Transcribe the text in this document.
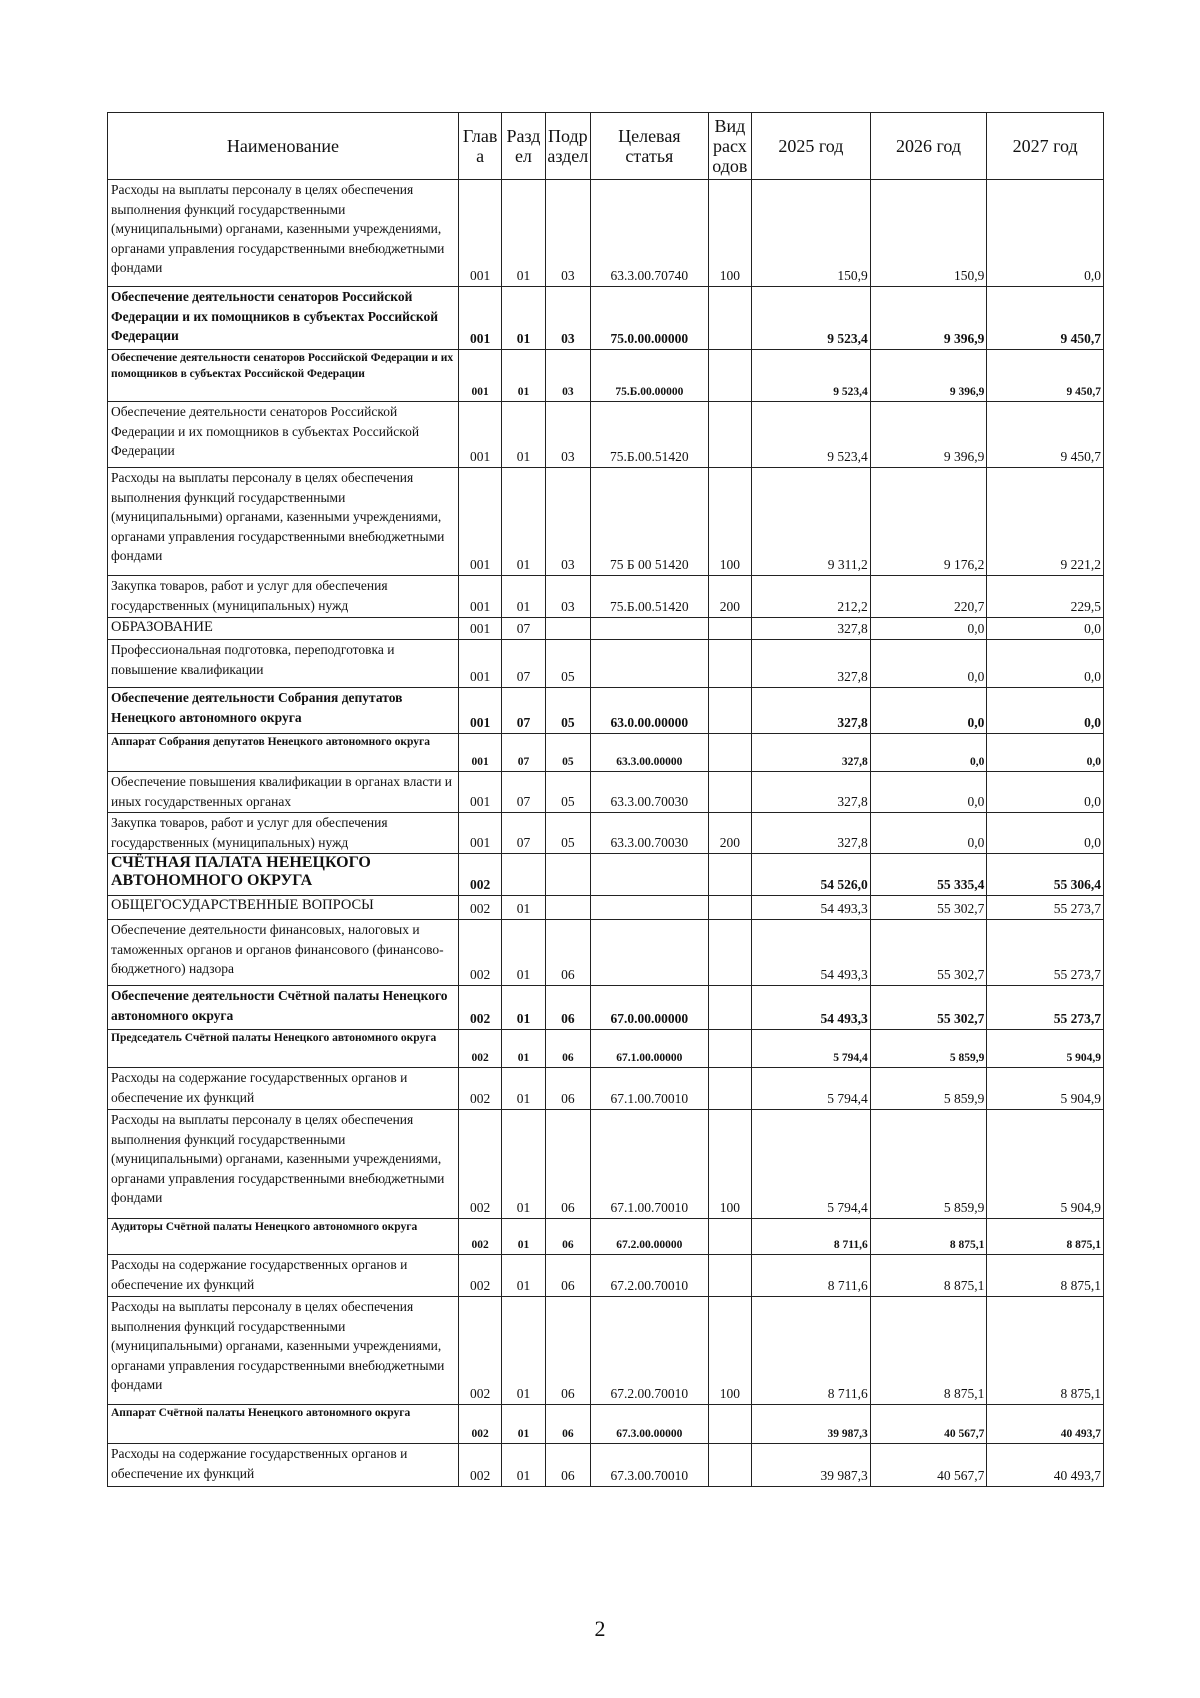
Наименование	Глав а	Разд ел	Подр аздел	Целевая статья	Вид расх одов	2025 год	2026 год	2027 год
Расходы на выплаты персоналу в целях обеспечения выполнения функций государственными (муниципальными) органами, казенными учреждениями, органами управления государственными внебюджетными фондами	001	01	03	63.3.00.70740	100	150,9	150,9	0,0
Обеспечение деятельности сенаторов Российской Федерации и их помощников в субъектах Российской Федерации	001	01	03	75.0.00.00000		9 523,4	9 396,9	9 450,7
Обеспечение деятельности сенаторов Российской Федерации и их помощников в субъектах Российской Федерации	001	01	03	75.Б.00.00000		9 523,4	9 396,9	9 450,7
Обеспечение деятельности сенаторов Российской Федерации и их помощников в субъектах Российской Федерации	001	01	03	75.Б.00.51420		9 523,4	9 396,9	9 450,7
Расходы на выплаты персоналу в целях обеспечения выполнения функций государственными (муниципальными) органами, казенными учреждениями, органами управления государственными внебюджетными фондами	001	01	03	75 Б 00 51420	100	9 311,2	9 176,2	9 221,2
Закупка товаров, работ и услуг для обеспечения государственных (муниципальных) нужд	001	01	03	75.Б.00.51420	200	212,2	220,7	229,5
ОБРАЗОВАНИЕ	001	07				327,8	0,0	0,0
Профессиональная подготовка, переподготовка и повышение квалификации	001	07	05			327,8	0,0	0,0
Обеспечение деятельности Собрания депутатов Ненецкого автономного округа	001	07	05	63.0.00.00000		327,8	0,0	0,0
Аппарат Собрания депутатов Ненецкого автономного округа	001	07	05	63.3.00.00000		327,8	0,0	0,0
Обеспечение повышения квалификации в органах власти и иных государственных органах	001	07	05	63.3.00.70030		327,8	0,0	0,0
Закупка товаров, работ и услуг для обеспечения государственных (муниципальных) нужд	001	07	05	63.3.00.70030	200	327,8	0,0	0,0
СЧЁТНАЯ ПАЛАТА НЕНЕЦКОГО АВТОНОМНОГО ОКРУГА	002					54 526,0	55 335,4	55 306,4
ОБЩЕГОСУДАРСТВЕННЫЕ ВОПРОСЫ	002	01				54 493,3	55 302,7	55 273,7
Обеспечение деятельности финансовых, налоговых и таможенных органов и органов финансового (финансово-бюджетного) надзора	002	01	06			54 493,3	55 302,7	55 273,7
Обеспечение деятельности Счётной палаты Ненецкого автономного округа	002	01	06	67.0.00.00000		54 493,3	55 302,7	55 273,7
Председатель Счётной палаты Ненецкого автономного округа	002	01	06	67.1.00.00000		5 794,4	5 859,9	5 904,9
Расходы на содержание государственных органов и обеспечение их функций	002	01	06	67.1.00.70010		5 794,4	5 859,9	5 904,9
Расходы на выплаты персоналу в целях обеспечения выполнения функций государственными (муниципальными) органами, казенными учреждениями, органами управления государственными внебюджетными фондами	002	01	06	67.1.00.70010	100	5 794,4	5 859,9	5 904,9
Аудиторы Счётной палаты Ненецкого автономного округа	002	01	06	67.2.00.00000		8 711,6	8 875,1	8 875,1
Расходы на содержание государственных органов и обеспечение их функций	002	01	06	67.2.00.70010		8 711,6	8 875,1	8 875,1
Расходы на выплаты персоналу в целях обеспечения выполнения функций государственными (муниципальными) органами, казенными учреждениями, органами управления государственными внебюджетными фондами	002	01	06	67.2.00.70010	100	8 711,6	8 875,1	8 875,1
Аппарат Счётной палаты Ненецкого автономного округа	002	01	06	67.3.00.00000		39 987,3	40 567,7	40 493,7
Расходы на содержание государственных органов и обеспечение их функций	002	01	06	67.3.00.70010		39 987,3	40 567,7	40 493,7
2
